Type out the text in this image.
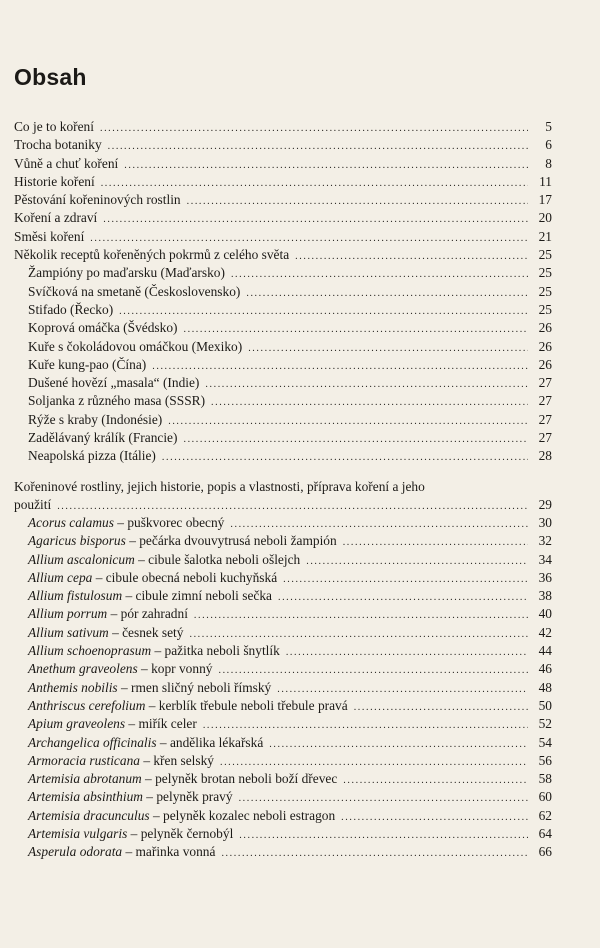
Obsah
Co je to koření .....	5
Trocha botaniky .....	6
Vůně a chuť koření .....	8
Historie koření .....	11
Pěstování kořeninových rostlin .....	17
Koření a zdraví .....	20
Směsi koření .....	21
Několik receptů kořeněných pokrmů z celého světa .....	25
Žampióny po maďarsku (Maďarsko) .....	25
Svíčková na smetaně (Československo) .....	25
Stifado (Řecko) .....	25
Koprová omáčka (Švédsko) .....	26
Kuře s čokoládovou omáčkou (Mexiko) .....	26
Kuře kung-pao (Čína) .....	26
Dušené hovězí „masala“ (Indie) .....	27
Soljanka z různého masa (SSSR) .....	27
Rýže s kraby (Indonésie) .....	27
Zadělávaný králík (Francie) .....	27
Neapolská pizza (Itálie) .....	28
Kořeninové rostliny, jejich historie, popis a vlastnosti, příprava koření a jeho
použití .....	29
Acorus calamus – puškvorec obecný .....	30
Agaricus bisporus – pečárka dvouvytrusá neboli žampión .....	32
Allium ascalonicum – cibule šalotka neboli ošlejch .....	34
Allium cepa – cibule obecná neboli kuchyňská .....	36
Allium fistulosum – cibule zimní neboli sečka .....	38
Allium porrum – pór zahradní .....	40
Allium sativum – česnek setý .....	42
Allium schoenoprasum – pažitka neboli šnytlík .....	44
Anethum graveolens – kopr vonný .....	46
Anthemis nobilis – rmen sličný neboli římský .....	48
Anthriscus cerefolium – kerblík třebule neboli třebule pravá .....	50
Apium graveolens – miřík celer .....	52
Archangelica officinalis – andělika lékařská .....	54
Armoracia rusticana – křen selský .....	56
Artemisia abrotanum – pelyněk brotan neboli boží dřevec .....	58
Artemisia absinthium – pelyněk pravý .....	60
Artemisia dracunculus – pelyněk kozalec neboli estragon .....	62
Artemisia vulgaris – pelyněk černobýl .....	64
Asperula odorata – mařinka vonná .....	66
